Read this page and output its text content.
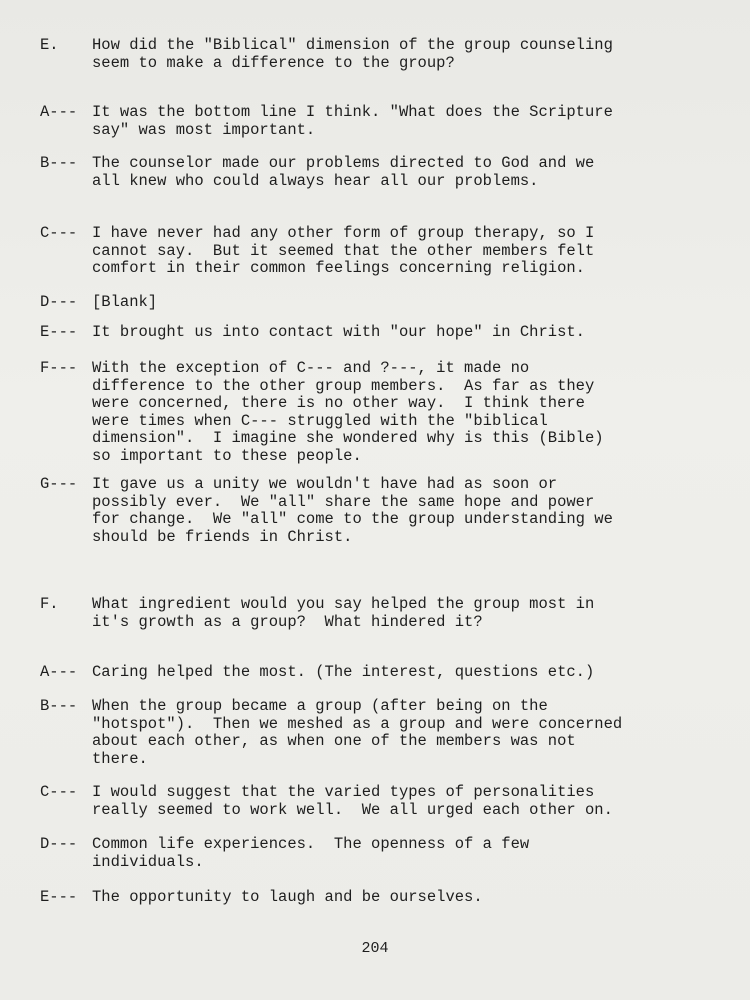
E.	How did the "Biblical" dimension of the group counseling
seem to make a difference to the group?
A--- It was the bottom line I think. "What does the Scripture
say" was most important.
B--- The counselor made our problems directed to God and we
all knew who could always hear all our problems.
C--- I have never had any other form of group therapy, so I
cannot say.  But it seemed that the other members felt
comfort in their common feelings concerning religion.
D--- [Blank]
E--- It brought us into contact with "our hope" in Christ.
F--- With the exception of C--- and ?---, it made no
difference to the other group members.  As far as they
were concerned, there is no other way.  I think there
were times when C--- struggled with the "biblical
dimension".  I imagine she wondered why is this (Bible)
so important to these people.
G--- It gave us a unity we wouldn't have had as soon or
possibly ever.  We "all" share the same hope and power
for change.  We "all" come to the group understanding we
should be friends in Christ.
F.	What ingredient would you say helped the group most in
it's growth as a group?  What hindered it?
A--- Caring helped the most. (The interest, questions etc.)
B--- When the group became a group (after being on the
"hotspot").  Then we meshed as a group and were concerned
about each other, as when one of the members was not
there.
C--- I would suggest that the varied types of personalities
really seemed to work well.  We all urged each other on.
D--- Common life experiences.  The openness of a few
individuals.
E--- The opportunity to laugh and be ourselves.
204
